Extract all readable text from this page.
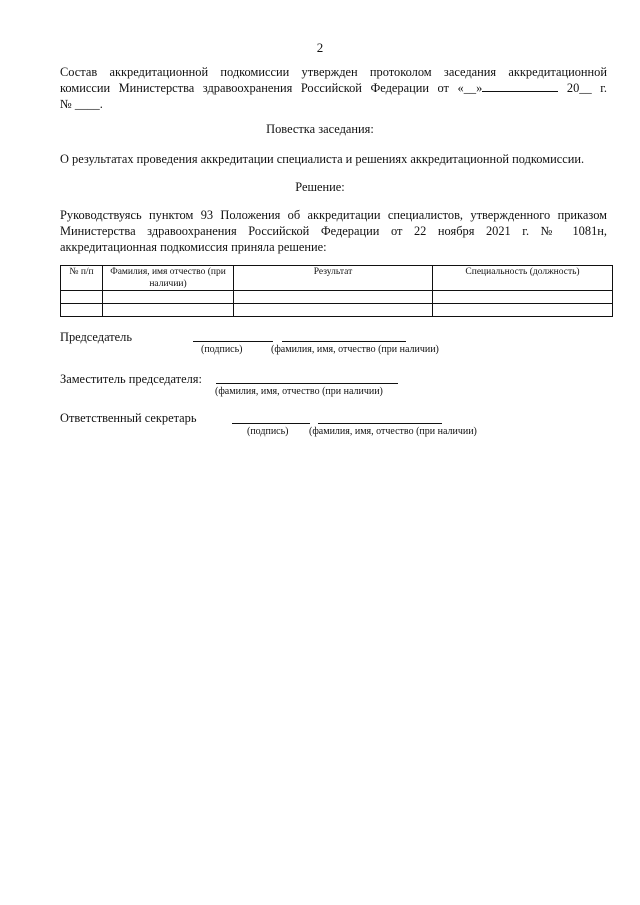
2
Состав аккредитационной подкомиссии утвержден протоколом заседания аккредитационной
комиссии Министерства здравоохранения Российской Федерации от «__»	20__ г.
№ ____.
Повестка заседания:
О результатах проведения аккредитации специалиста и решениях аккредитационной подкомиссии.
Решение:
Руководствуясь пунктом 93 Положения об аккредитации специалистов, утвержденного приказом
Министерства здравоохранения Российской Федерации от 22 ноября 2021 г. № 1081н,
аккредитационная подкомиссия приняла решение:
№ п/п	Фамилия, имя отчество (при наличии)	Результат	Специальность (должность)

Председатель
(подпись)	(фамилия, имя, отчество (при наличии)
Заместитель председателя:
(фамилия, имя, отчество (при наличии)
Ответственный секретарь
(подпись) (фамилия, имя, отчество (при наличии)
